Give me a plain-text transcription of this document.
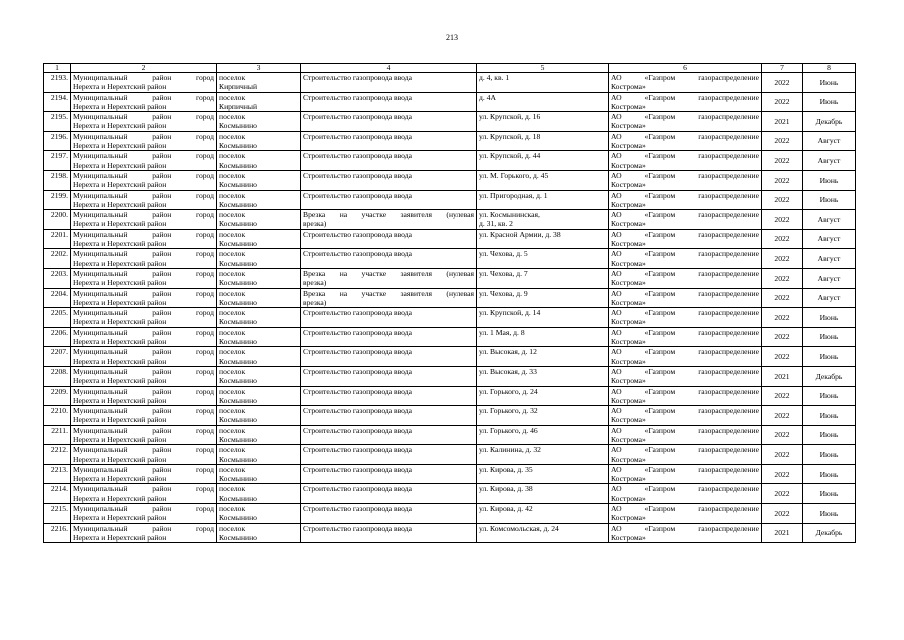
213
1	2	3	4	5	6	7	8
2193.	Муниципальный район город
Нерехта и Нерехтский район	поселок
Кирпичный	Строительство газопровода ввода	д. 4, кв. 1	АО «Газпром газораспределение
Кострома»	2022	Июнь
2194.	Муниципальный район город
Нерехта и Нерехтский район	поселок
Кирпичный	Строительство газопровода ввода	д. 4А	АО «Газпром газораспределение
Кострома»	2022	Июнь
2195.	Муниципальный район город
Нерехта и Нерехтский район	поселок
Космынино	Строительство газопровода ввода	ул. Крупской, д. 16	АО «Газпром газораспределение
Кострома»	2021	Декабрь
2196.	Муниципальный район город
Нерехта и Нерехтский район	поселок
Космынино	Строительство газопровода ввода	ул. Крупской, д. 18	АО «Газпром газораспределение
Кострома»	2022	Август
2197.	Муниципальный район город
Нерехта и Нерехтский район	поселок
Космынино	Строительство газопровода ввода	ул. Крупской, д. 44	АО «Газпром газораспределение
Кострома»	2022	Август
2198.	Муниципальный район город
Нерехта и Нерехтский район	поселок
Космынино	Строительство газопровода ввода	ул. М. Горького, д. 45	АО «Газпром газораспределение
Кострома»	2022	Июнь
2199.	Муниципальный район город
Нерехта и Нерехтский район	поселок
Космынино	Строительство газопровода ввода	ул. Пригородная, д. 1	АО «Газпром газораспределение
Кострома»	2022	Июнь
2200.	Муниципальный район город
Нерехта и Нерехтский район	поселок
Космынино	Врезка на участке заявителя (нулевая
врезка)	ул. Космынинская,
д. 31, кв. 2	АО «Газпром газораспределение
Кострома»	2022	Август
2201.	Муниципальный район город
Нерехта и Нерехтский район	поселок
Космынино	Строительство газопровода ввода	ул. Красной Армии, д. 38	АО «Газпром газораспределение
Кострома»	2022	Август
2202.	Муниципальный район город
Нерехта и Нерехтский район	поселок
Космынино	Строительство газопровода ввода	ул. Чехова, д. 5	АО «Газпром газораспределение
Кострома»	2022	Август
2203.	Муниципальный район город
Нерехта и Нерехтский район	поселок
Космынино	Врезка на участке заявителя (нулевая
врезка)	ул. Чехова, д. 7	АО «Газпром газораспределение
Кострома»	2022	Август
2204.	Муниципальный район город
Нерехта и Нерехтский район	поселок
Космынино	Врезка на участке заявителя (нулевая
врезка)	ул. Чехова, д. 9	АО «Газпром газораспределение
Кострома»	2022	Август
2205.	Муниципальный район город
Нерехта и Нерехтский район	поселок
Космынино	Строительство газопровода ввода	ул. Крупской, д. 14	АО «Газпром газораспределение
Кострома»	2022	Июнь
2206.	Муниципальный район город
Нерехта и Нерехтский район	поселок
Космынино	Строительство газопровода ввода	ул. 1 Мая, д. 8	АО «Газпром газораспределение
Кострома»	2022	Июнь
2207.	Муниципальный район город
Нерехта и Нерехтский район	поселок
Космынино	Строительство газопровода ввода	ул. Высокая, д. 12	АО «Газпром газораспределение
Кострома»	2022	Июнь
2208.	Муниципальный район город
Нерехта и Нерехтский район	поселок
Космынино	Строительство газопровода ввода	ул. Высокая, д. 33	АО «Газпром газораспределение
Кострома»	2021	Декабрь
2209.	Муниципальный район город
Нерехта и Нерехтский район	поселок
Космынино	Строительство газопровода ввода	ул. Горького, д. 24	АО «Газпром газораспределение
Кострома»	2022	Июнь
2210.	Муниципальный район город
Нерехта и Нерехтский район	поселок
Космынино	Строительство газопровода ввода	ул. Горького, д. 32	АО «Газпром газораспределение
Кострома»	2022	Июнь
2211.	Муниципальный район город
Нерехта и Нерехтский район	поселок
Космынино	Строительство газопровода ввода	ул. Горького, д. 46	АО «Газпром газораспределение
Кострома»	2022	Июнь
2212.	Муниципальный район город
Нерехта и Нерехтский район	поселок
Космынино	Строительство газопровода ввода	ул. Калинина, д. 32	АО «Газпром газораспределение
Кострома»	2022	Июнь
2213.	Муниципальный район город
Нерехта и Нерехтский район	поселок
Космынино	Строительство газопровода ввода	ул. Кирова, д. 35	АО «Газпром газораспределение
Кострома»	2022	Июнь
2214.	Муниципальный район город
Нерехта и Нерехтский район	поселок
Космынино	Строительство газопровода ввода	ул. Кирова, д. 38	АО «Газпром газораспределение
Кострома»	2022	Июнь
2215.	Муниципальный район город
Нерехта и Нерехтский район	поселок
Космынино	Строительство газопровода ввода	ул. Кирова, д. 42	АО «Газпром газораспределение
Кострома»	2022	Июнь
2216.	Муниципальный район город
Нерехта и Нерехтский район	поселок
Космынино	Строительство газопровода ввода	ул. Комсомольская, д. 24	АО «Газпром газораспределение
Кострома»	2021	Декабрь
